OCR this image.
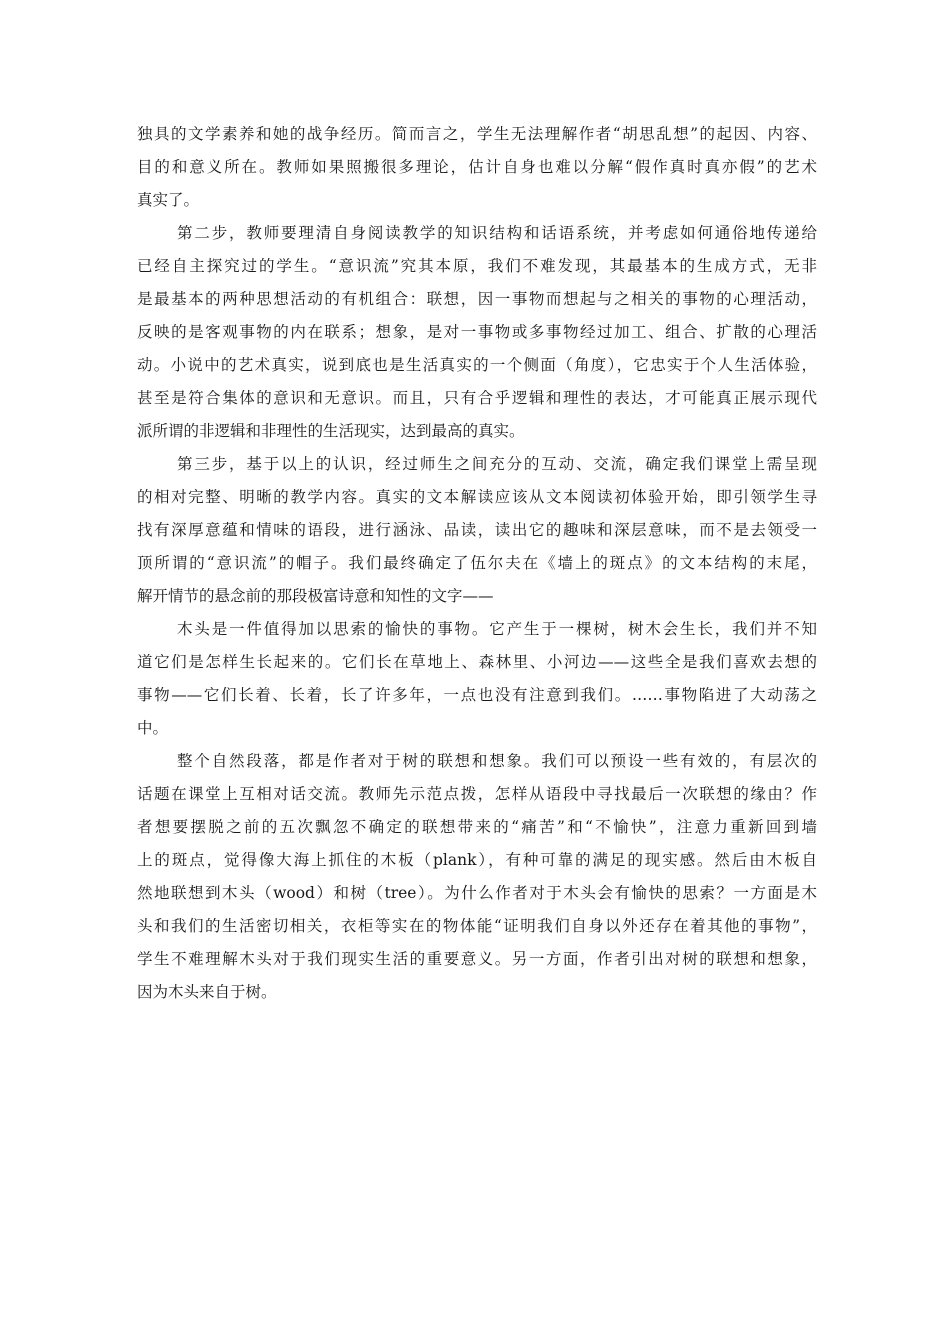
独具的文学素养和她的战争经历。简而言之，学生无法理解作者“胡思乱想”的起因、内容、
目的和意义所在。教师如果照搬很多理论，估计自身也难以分解“假作真时真亦假”的艺术
真实了。
第二步，教师要理清自身阅读教学的知识结构和话语系统，并考虑如何通俗地传递给
已经自主探究过的学生。“意识流”究其本原，我们不难发现，其最基本的生成方式，无非
是最基本的两种思想活动的有机组合：联想，因一事物而想起与之相关的事物的心理活动，
反映的是客观事物的内在联系；想象，是对一事物或多事物经过加工、组合、扩散的心理活
动。小说中的艺术真实，说到底也是生活真实的一个侧面（角度），它忠实于个人生活体验，
甚至是符合集体的意识和无意识。而且，只有合乎逻辑和理性的表达，才可能真正展示现代
派所谓的非逻辑和非理性的生活现实，达到最高的真实。
第三步，基于以上的认识，经过师生之间充分的互动、交流，确定我们课堂上需呈现
的相对完整、明晰的教学内容。真实的文本解读应该从文本阅读初体验开始，即引领学生寻
找有深厚意蕴和情味的语段，进行涵泳、品读，读出它的趣味和深层意味，而不是去领受一
顶所谓的“意识流”的帽子。我们最终确定了伍尔夫在《墙上的斑点》的文本结构的末尾，
解开情节的悬念前的那段极富诗意和知性的文字——
木头是一件值得加以思索的愉快的事物。它产生于一棵树，树木会生长，我们并不知
道它们是怎样生长起来的。它们长在草地上、森林里、小河边——这些全是我们喜欢去想的
事物——它们长着、长着，长了许多年，一点也没有注意到我们。……事物陷进了大动荡之
中。
整个自然段落，都是作者对于树的联想和想象。我们可以预设一些有效的，有层次的
话题在课堂上互相对话交流。教师先示范点拨，怎样从语段中寻找最后一次联想的缘由？作
者想要摆脱之前的五次飘忽不确定的联想带来的“痛苦”和“不愉快”，注意力重新回到墙
上的斑点，觉得像大海上抓住的木板（plank），有种可靠的满足的现实感。然后由木板自
然地联想到木头（wood）和树（tree）。为什么作者对于木头会有愉快的思索？一方面是木
头和我们的生活密切相关，衣柜等实在的物体能“证明我们自身以外还存在着其他的事物”，
学生不难理解木头对于我们现实生活的重要意义。另一方面，作者引出对树的联想和想象，
因为木头来自于树。
